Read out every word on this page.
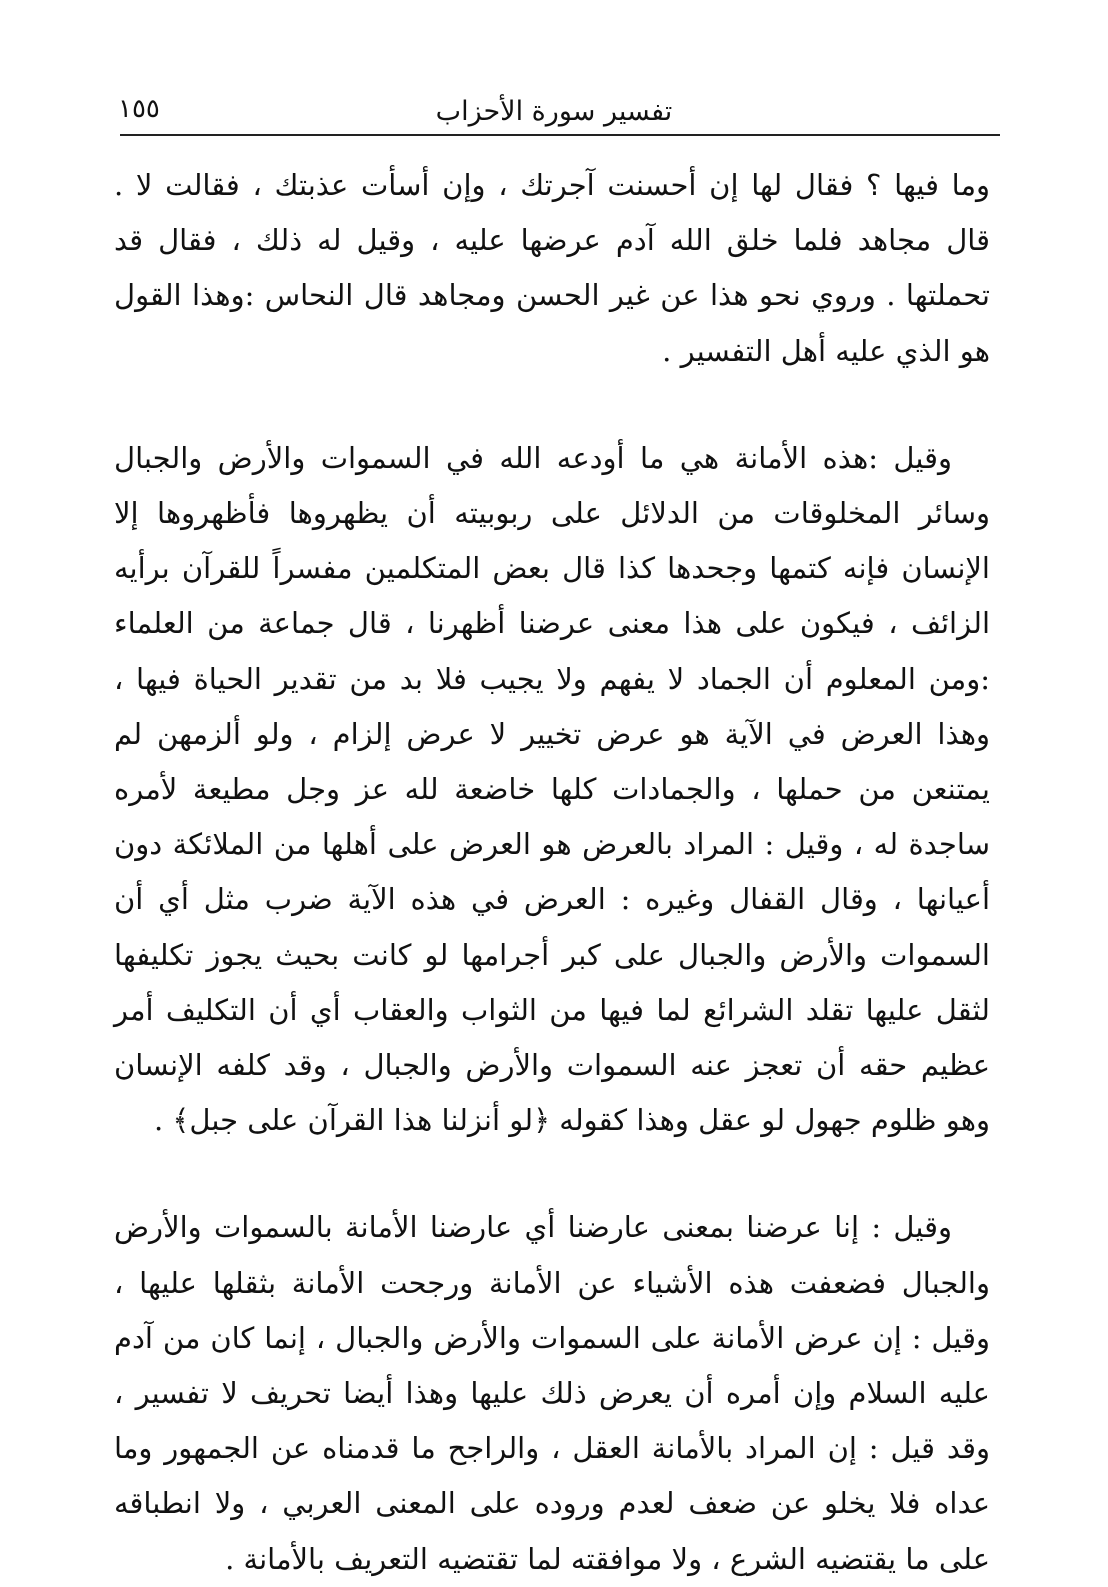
تفسير سورة الأحزاب
١٥٥

وما فيها ؟ فقال لها إن أحسنت آجرتك ، وإن أسأت عذبتك ، فقالت لا . قال مجاهد فلما خلق الله آدم عرضها عليه ، وقيل له ذلك ، فقال قد تحملتها . وروي نحو هذا عن غير الحسن ومجاهد قال النحاس :وهذا القول هو الذي عليه أهل التفسير .

وقيل :هذه الأمانة هي ما أودعه الله في السموات والأرض والجبال وسائر المخلوقات من الدلائل على ربوبيته أن يظهروها فأظهروها إلا الإنسان فإنه كتمها وجحدها كذا قال بعض المتكلمين مفسراً للقرآن برأيه الزائف ، فيكون على هذا معنى عرضنا أظهرنا ، قال جماعة من العلماء :ومن المعلوم أن الجماد لا يفهم ولا يجيب فلا بد من تقدير الحياة فيها ، وهذا العرض في الآية هو عرض تخيير لا عرض إلزام ، ولو ألزمهن لم يمتنعن من حملها ، والجمادات كلها خاضعة لله عز وجل مطيعة لأمره ساجدة له ، وقيل : المراد بالعرض هو العرض على أهلها من الملائكة دون أعيانها ، وقال القفال وغيره : العرض في هذه الآية ضرب مثل أي أن السموات والأرض والجبال على كبر أجرامها لو كانت بحيث يجوز تكليفها لثقل عليها تقلد الشرائع لما فيها من الثواب والعقاب أي أن التكليف أمر عظيم حقه أن تعجز عنه السموات والأرض والجبال ، وقد كلفه الإنسان وهو ظلوم جهول لو عقل وهذا كقوله ﴿لو أنزلنا هذا القرآن على جبل﴾ .

وقيل : إنا عرضنا بمعنى عارضنا أي عارضنا الأمانة بالسموات والأرض والجبال فضعفت هذه الأشياء عن الأمانة ورجحت الأمانة بثقلها عليها ، وقيل : إن عرض الأمانة على السموات والأرض والجبال ، إنما كان من آدم عليه السلام وإن أمره أن يعرض ذلك عليها وهذا أيضا تحريف لا تفسير ، وقد قيل : إن المراد بالأمانة العقل ، والراجح ما قدمناه عن الجمهور وما عداه فلا يخلو عن ضعف لعدم وروده على المعنى العربي ، ولا انطباقه على ما يقتضيه الشرع ، ولا موافقته لما تقتضيه التعريف بالأمانة .
